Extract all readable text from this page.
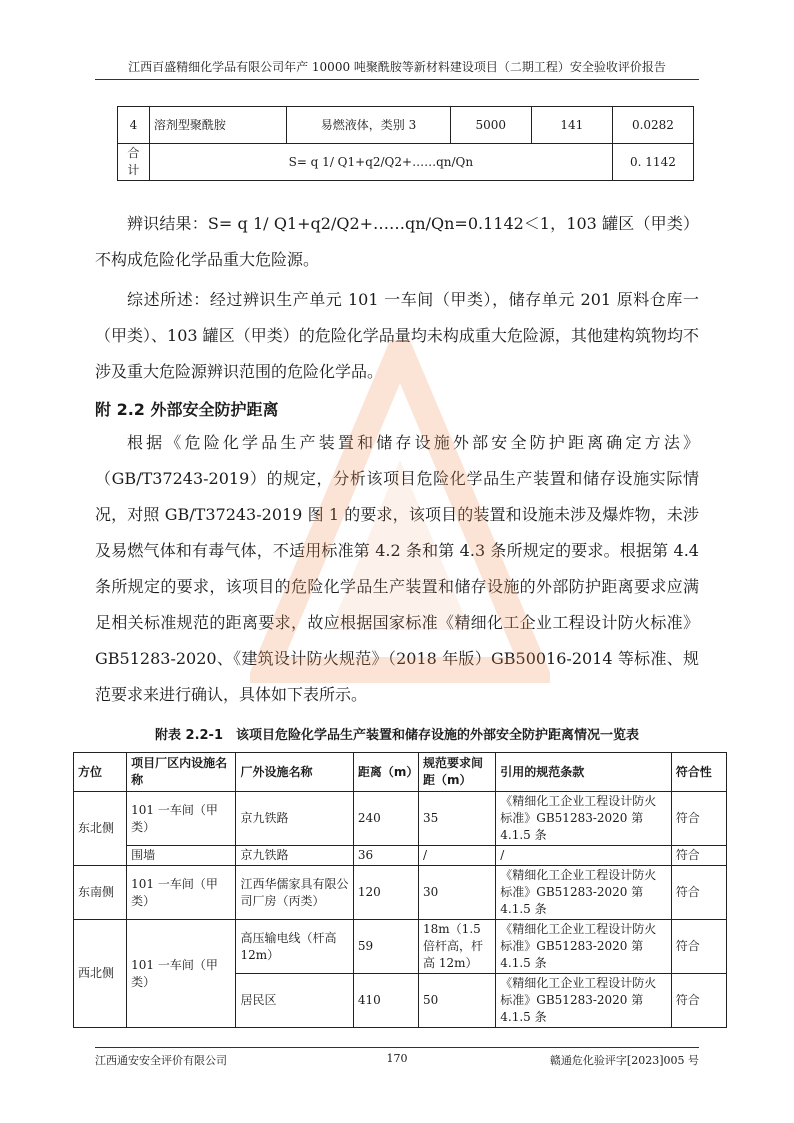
江西百盛精细化学品有限公司年产 10000 吨聚酰胺等新材料建设项目（二期工程）安全验收评价报告
4	溶剂型聚酰胺	易燃液体，类别 3	5000	141	0.0282
合计	S= q 1/ Q1+q2/Q2+……qn/Qn				0. 1142

辨识结果：S= q 1/ Q1+q2/Q2+……qn/Qn=0.1142＜1，103 罐区（甲类）不构成危险化学品重大危险源。

综述所述：经过辨识生产单元 101 一车间（甲类），储存单元 201 原料仓库一（甲类）、103 罐区（甲类）的危险化学品量均未构成重大危险源，其他建构筑物均不涉及重大危险源辨识范围的危险化学品。

附 2.2 外部安全防护距离

根据《危险化学品生产装置和储存设施外部安全防护距离确定方法》（GB/T37243-2019）的规定，分析该项目危险化学品生产装置和储存设施实际情况，对照 GB/T37243-2019 图 1 的要求，该项目的装置和设施未涉及爆炸物，未涉及易燃气体和有毒气体，不适用标准第 4.2 条和第 4.3 条所规定的要求。根据第 4.4 条所规定的要求，该项目的危险化学品生产装置和储存设施的外部防护距离要求应满足相关标准规范的距离要求，故应根据国家标准《精细化工企业工程设计防火标准》GB51283-2020、《建筑设计防火规范》（2018 年版）GB50016-2014 等标准、规范要求来进行确认，具体如下表所示。

附表 2.2-1　该项目危险化学品生产装置和储存设施的外部安全防护距离情况一览表
方位	项目厂区内设施名称	厂外设施名称	距离（m）	规范要求间距（m）	引用的规范条款	符合性
东北侧	101 一车间（甲类）	京九铁路	240	35	《精细化工企业工程设计防火标准》GB51283-2020 第 4.1.5 条	符合
	围墙	京九铁路	36	/	/	符合
东南侧	101 一车间（甲类）	江西华儒家具有限公司厂房（丙类）	120	30	《精细化工企业工程设计防火标准》GB51283-2020 第 4.1.5 条	符合
西北侧	101 一车间（甲类）	高压输电线（杆高 12m）	59	18m（1.5 倍杆高，杆高 12m）	《精细化工企业工程设计防火标准》GB51283-2020 第 4.1.5 条	符合
		居民区	410	50	《精细化工企业工程设计防火标准》GB51283-2020 第 4.1.5 条	符合
江西通安安全评价有限公司	170	赣通危化验评字[2023]005 号
